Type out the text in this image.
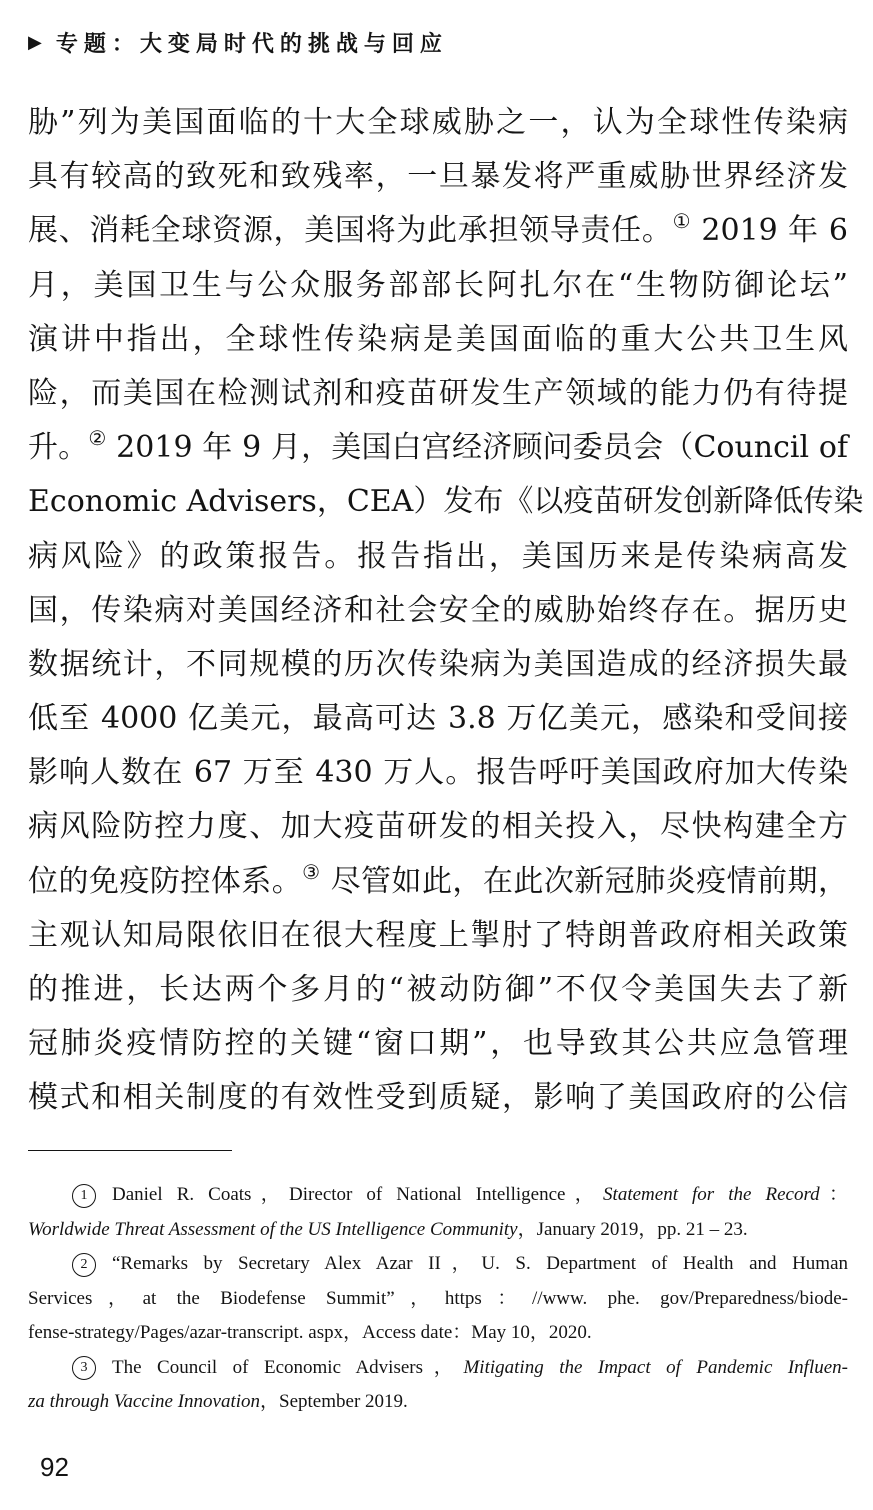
▶ 专题：大变局时代的挑战与回应
胁”列为美国面临的十大全球威胁之一，认为全球性传染病
具有较高的致死和致残率，一旦暴发将严重威胁世界经济发
展、消耗全球资源，美国将为此承担领导责任。① 2019 年 6
月，美国卫生与公众服务部部长阿扎尔在“生物防御论坛”
演讲中指出，全球性传染病是美国面临的重大公共卫生风
险，而美国在检测试剂和疫苗研发生产领域的能力仍有待提
升。② 2019 年 9 月，美国白宫经济顾问委员会（Council of
Economic Advisers，CEA）发布《以疫苗研发创新降低传染
病风险》的政策报告。报告指出，美国历来是传染病高发
国，传染病对美国经济和社会安全的威胁始终存在。据历史
数据统计，不同规模的历次传染病为美国造成的经济损失最
低至 4000 亿美元，最高可达 3.8 万亿美元，感染和受间接
影响人数在 67 万至 430 万人。报告呼吁美国政府加大传染
病风险防控力度、加大疫苗研发的相关投入，尽快构建全方
位的免疫防控体系。③ 尽管如此，在此次新冠肺炎疫情前期，
主观认知局限依旧在很大程度上掣肘了特朗普政府相关政策
的推进，长达两个多月的“被动防御”不仅令美国失去了新
冠肺炎疫情防控的关键“窗口期”，也导致其公共应急管理
模式和相关制度的有效性受到质疑，影响了美国政府的公信
1 Daniel R. Coats，Director of National Intelligence，Statement for the Record：
Worldwide Threat Assessment of the US Intelligence Community，January 2019，pp. 21 – 23.
2 “Remarks by Secretary Alex Azar II，U. S. Department of Health and Human
Services，at the Biodefense Summit”，https：//www. phe. gov/Preparedness/biode-
fense-strategy/Pages/azar-transcript. aspx，Access date：May 10，2020.
3 The Council of Economic Advisers，Mitigating the Impact of Pandemic Influen-
za through Vaccine Innovation，September 2019.
92
